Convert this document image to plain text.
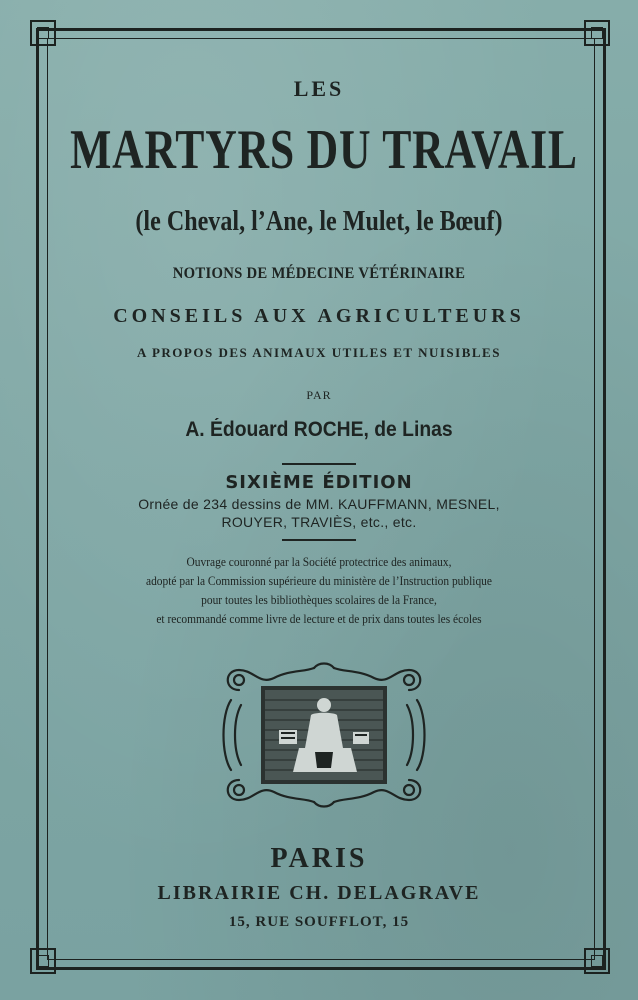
LES
MARTYRS DU TRAVAIL
(le Cheval, l’Ane, le Mulet, le Bœuf)
NOTIONS DE MÉDECINE VÉTÉRINAIRE
CONSEILS AUX AGRICULTEURS
A PROPOS DES ANIMAUX UTILES ET NUISIBLES
PAR
A. Édouard ROCHE, de Linas
SIXIÈME ÉDITION
Ornée de 234 dessins de MM. KAUFFMANN, MESNEL,
ROUYER, TRAVIÈS, etc., etc.
Ouvrage couronné par la Société protectrice des animaux,
adopté par la Commission supérieure du ministère de l’Instruction publique
pour toutes les bibliothèques scolaires de la France,
et recommandé comme livre de lecture et de prix dans toutes les écoles
PARIS
LIBRAIRIE CH. DELAGRAVE
15, RUE SOUFFLOT, 15
